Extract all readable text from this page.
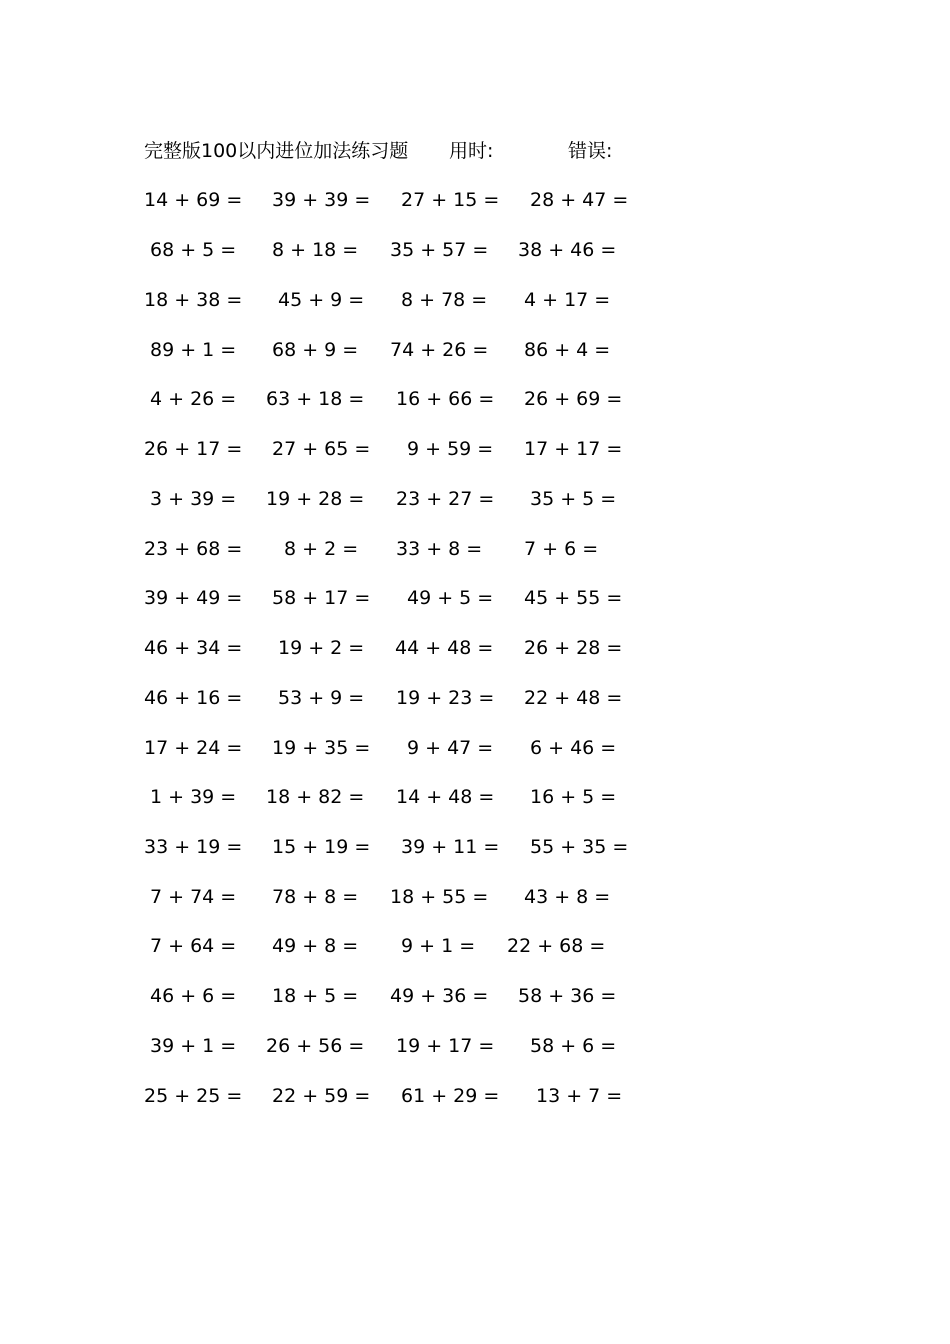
完整版100以内进位加法练习题 用时:	错误:
14 + 69 = 39 + 39 = 27 + 15 = 28 + 47 =
68 + 5 = 8 + 18 = 35 + 57 = 38 + 46 =
18 + 38 = 45 + 9 = 8 + 78 = 4 + 17 =
89 + 1 = 68 + 9 = 74 + 26 = 86 + 4 =
4 + 26 = 63 + 18 = 16 + 66 = 26 + 69 =
26 + 17 = 27 + 65 = 9 + 59 = 17 + 17 =
3 + 39 = 19 + 28 = 23 + 27 = 35 + 5 =
23 + 68 = 8 + 2 = 33 + 8 = 7 + 6 =
39 + 49 = 58 + 17 = 49 + 5 = 45 + 55 =
46 + 34 = 19 + 2 = 44 + 48 = 26 + 28 =
46 + 16 = 53 + 9 = 19 + 23 = 22 + 48 =
17 + 24 = 19 + 35 = 9 + 47 = 6 + 46 =
1 + 39 = 18 + 82 = 14 + 48 = 16 + 5 =
33 + 19 = 15 + 19 = 39 + 11 = 55 + 35 =
7 + 74 = 78 + 8 = 18 + 55 = 43 + 8 =
7 + 64 = 49 + 8 = 9 + 1 = 22 + 68 =
46 + 6 = 18 + 5 = 49 + 36 = 58 + 36 =
39 + 1 = 26 + 56 = 19 + 17 = 58 + 6 =
25 + 25 = 22 + 59 = 61 + 29 = 13 + 7 =
